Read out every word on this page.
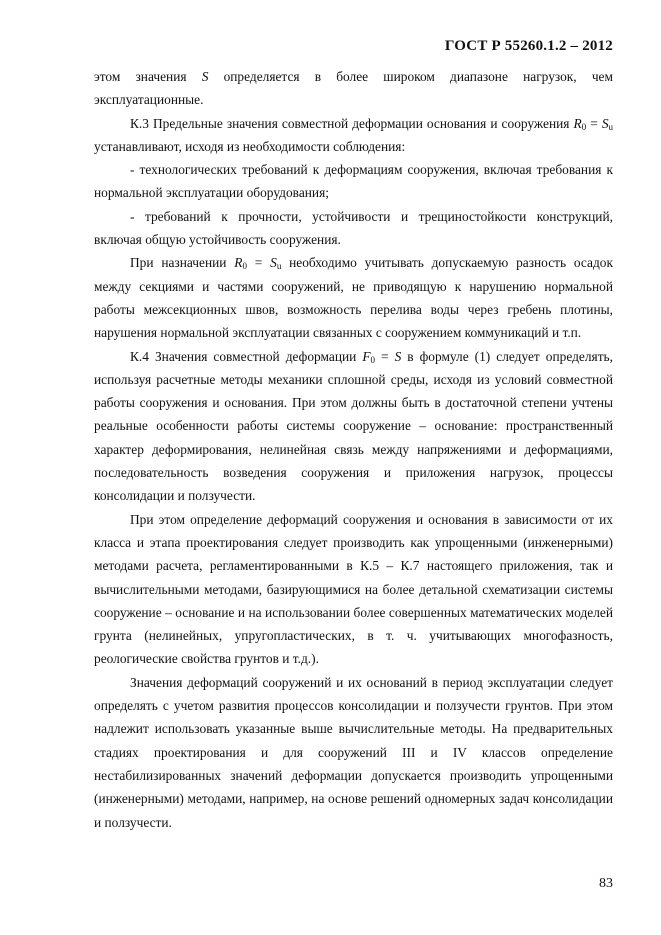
ГОСТ Р 55260.1.2 – 2012

этом значения S определяется в более широком диапазоне нагрузок, чем эксплуатационные.

К.3 Предельные значения совместной деформации основания и сооружения $R_0 = S_u$ устанавливают, исходя из необходимости соблюдения:

- технологических требований к деформациям сооружения, включая требования к нормальной эксплуатации оборудования;

- требований к прочности, устойчивости и трещиностойкости конструкций, включая общую устойчивость сооружения.

При назначении $R_0 = S_u$ необходимо учитывать допускаемую разность осадок между секциями и частями сооружений, не приводящую к нарушению нормальной работы межсекционных швов, возможность перелива воды через гребень плотины, нарушения нормальной эксплуатации связанных с сооружением коммуникаций и т.п.

К.4 Значения совместной деформации $F_0 = S$ в формуле (1) следует определять, используя расчетные методы механики сплошной среды, исходя из условий совместной работы сооружения и основания. При этом должны быть в достаточной степени учтены реальные особенности работы системы сооружение – основание: пространственный характер деформирования, нелинейная связь между напряжениями и деформациями, последовательность возведения сооружения и приложения нагрузок, процессы консолидации и ползучести.

При этом определение деформаций сооружения и основания в зависимости от их класса и этапа проектирования следует производить как упрощенными (инженерными) методами расчета, регламентированными в К.5 – К.7 настоящего приложения, так и вычислительными методами, базирующимися на более детальной схематизации системы сооружение – основание и на использовании более совершенных математических моделей грунта (нелинейных, упругопластических, в т. ч. учитывающих многофазность, реологические свойства грунтов и т.д.).

Значения деформаций сооружений и их оснований в период эксплуатации следует определять с учетом развития процессов консолидации и ползучести грунтов. При этом надлежит использовать указанные выше вычислительные методы. На предварительных стадиях проектирования и для сооружений III и IV классов определение нестабилизированных значений деформации допускается производить упрощенными (инженерными) методами, например, на основе решений одномерных задач консолидации и ползучести.

83
